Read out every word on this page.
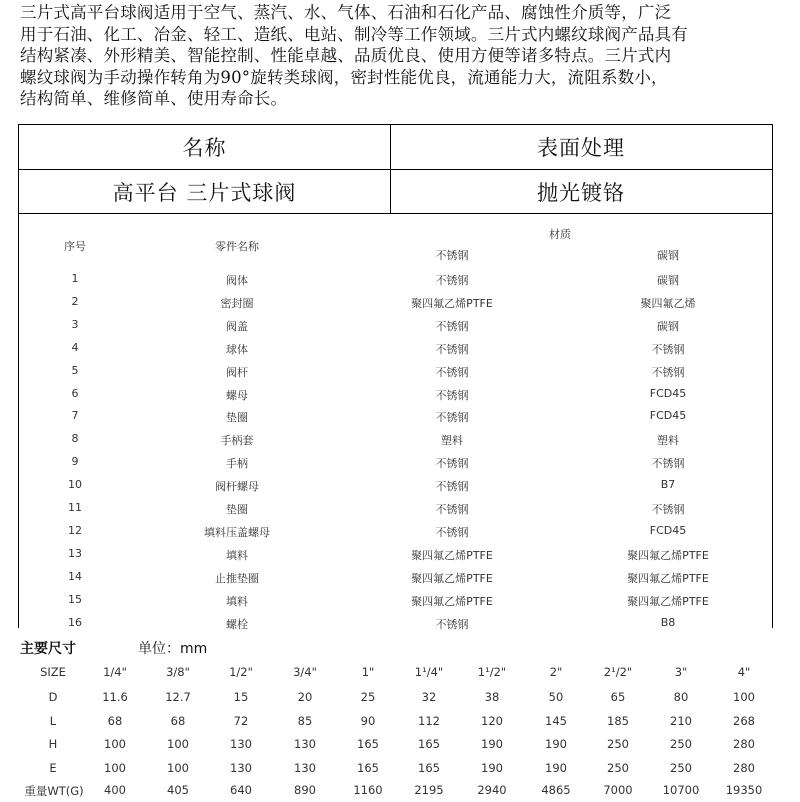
三片式高平台球阀适用于空气、蒸汽、水、气体、石油和石化产品、腐蚀性介质等，广泛

用于石油、化工、冶金、轻工、造纸、电站、制冷等工作领域。三片式内螺纹球阀产品具有

结构紧凑、外形精美、智能控制、性能卓越、品质优良、使用方便等诸多特点。三片式内

螺纹球阀为手动操作转角为90°旋转类球阀，密封性能优良，流通能力大，流阻系数小，

结构简单、维修简单、使用寿命长。

名称	表面处理
高平台 三片式球阀	抛光镀铬
序号	零件名称
材质
不锈钢	碳钢
1	阀体	不锈钢	碳钢
2	密封圈	聚四氟乙烯PTFE	聚四氟乙烯
3	阀盖	不锈钢	碳钢
4	球体	不锈钢	不锈钢
5	阀杆	不锈钢	不锈钢
6	螺母	不锈钢	FCD45
7	垫圈	不锈钢	FCD45
8	手柄套	塑料	塑料
9	手柄	不锈钢	不锈钢
10	阀杆螺母	不锈钢	B7
11	垫圈	不锈钢	不锈钢
12	填料压盖螺母	不锈钢	FCD45
13	填料	聚四氟乙烯PTFE	聚四氟乙烯PTFE
14	止推垫圈	聚四氟乙烯PTFE	聚四氟乙烯PTFE
15	填料	聚四氟乙烯PTFE	聚四氟乙烯PTFE
16	螺栓	不锈钢	B8
主要尺寸	单位：mm
SIZE	1/4"	3/8"	1/2"	3/4"	1"	1¹/4"	1¹/2"	2"	2¹/2"	3"	4"
D	11.6	12.7	15	20	25	32	38	50	65	80	100
L	68	68	72	85	90	112	120	145	185	210	268
H	100	100	130	130	165	165	190	190	250	250	280
E	100	100	130	130	165	165	190	190	250	250	280
重量WT(G) 400	405	640	890	1160	2195	2940	4865	7000	10700 19350
